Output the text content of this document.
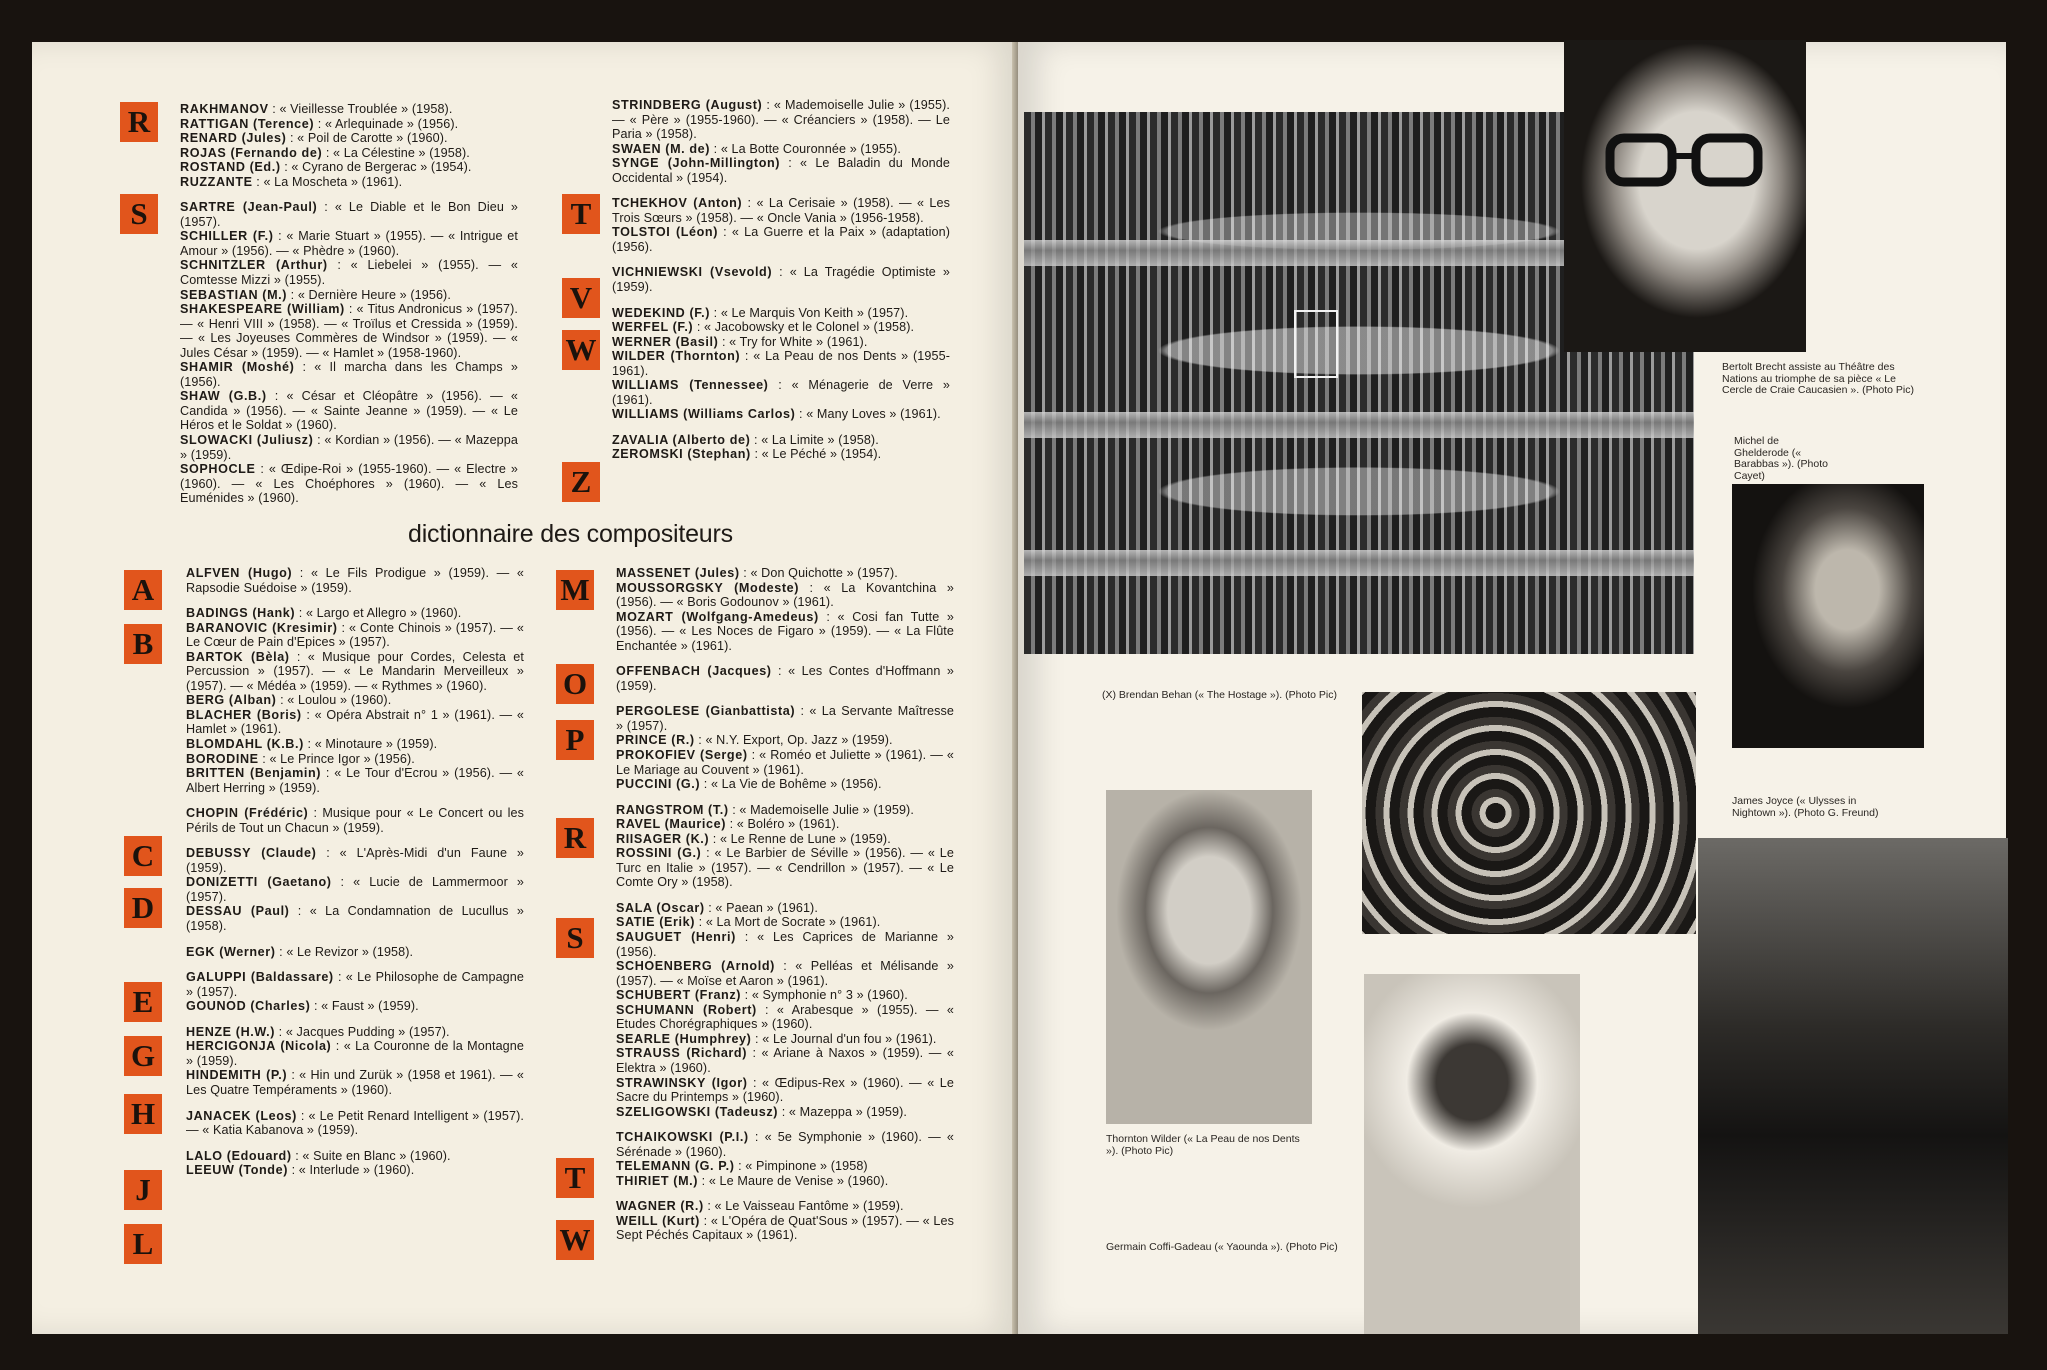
R
S	T
V
W
Z

RAKHMANOV : « Vieillesse Troublée » (1958).

RATTIGAN (Terence) : « Arlequinade » (1956).

RENARD (Jules) : « Poil de Carotte » (1960).

ROJAS (Fernando de) : « La Célestine » (1958).

ROSTAND (Ed.) : « Cyrano de Bergerac » (1954).

RUZZANTE : « La Moscheta » (1961).

SARTRE (Jean-Paul) : « Le Diable et le Bon Dieu » (1957).

SCHILLER (F.) : « Marie Stuart » (1955). — « Intrigue et Amour » (1956). — « Phèdre » (1960).

SCHNITZLER (Arthur) : « Liebelei » (1955). — « Comtesse Mizzi » (1955).

SEBASTIAN (M.) : « Dernière Heure » (1956).

SHAKESPEARE (William) : « Titus Andronicus » (1957). — « Henri VIII » (1958). — « Troïlus et Cressida » (1959). — « Les Joyeuses Commères de Windsor » (1959). — « Jules César » (1959). — « Hamlet » (1958-1960).

SHAMIR (Moshé) : « Il marcha dans les Champs » (1956).

SHAW (G.B.) : « César et Cléopâtre » (1956). — « Candida » (1956). — « Sainte Jeanne » (1959). — « Le Héros et le Soldat » (1960).

SLOWACKI (Juliusz) : « Kordian » (1956). — « Mazeppa » (1959).

SOPHOCLE : « Œdipe-Roi » (1955-1960). — « Electre » (1960). — « Les Choéphores » (1960). — « Les Euménides » (1960).

STRINDBERG (August) : « Mademoiselle Julie » (1955). — « Père » (1955-1960). — « Créanciers » (1958). — Le Paria » (1958).

SWAEN (M. de) : « La Botte Couronnée » (1955).

SYNGE (John-Millington) : « Le Baladin du Monde Occidental » (1954).

TCHEKHOV (Anton) : « La Cerisaie » (1958). — « Les Trois Sœurs » (1958). — « Oncle Vania » (1956-1958).

TOLSTOI (Léon) : « La Guerre et la Paix » (adaptation) (1956).

VICHNIEWSKI (Vsevold) : « La Tragédie Optimiste » (1959).

WEDEKIND (F.) : « Le Marquis Von Keith » (1957).

WERFEL (F.) : « Jacobowsky et le Colonel » (1958).

WERNER (Basil) : « Try for White » (1961).

WILDER (Thornton) : « La Peau de nos Dents » (1955-1961).

WILLIAMS (Tennessee) : « Ménagerie de Verre » (1961).

WILLIAMS (Williams Carlos) : « Many Loves » (1961).

ZAVALIA (Alberto de) : « La Limite » (1958).

ZEROMSKI (Stephan) : « Le Péché » (1954).

dictionnaire des compositeurs
A
B
C
D
E
G
H
J
L
M
O
P
R
S
T
W

ALFVEN (Hugo) : « Le Fils Prodigue » (1959). — « Rapsodie Suédoise » (1959).

BADINGS (Hank) : « Largo et Allegro » (1960).

BARANOVIC (Kresimir) : « Conte Chinois » (1957). — « Le Cœur de Pain d'Epices » (1957).

BARTOK (Bèla) : « Musique pour Cordes, Celesta et Percussion » (1957). — « Le Mandarin Merveilleux » (1957). — « Médéa » (1959). — « Rythmes » (1960).

BERG (Alban) : « Loulou » (1960).

BLACHER (Boris) : « Opéra Abstrait n° 1 » (1961). — « Hamlet » (1961).

BLOMDAHL (K.B.) : « Minotaure » (1959).

BORODINE : « Le Prince Igor » (1956).

BRITTEN (Benjamin) : « Le Tour d'Ecrou » (1956). — « Albert Herring » (1959).

CHOPIN (Frédéric) : Musique pour « Le Concert ou les Périls de Tout un Chacun » (1959).

DEBUSSY (Claude) : « L'Après-Midi d'un Faune » (1959).

DONIZETTI (Gaetano) : « Lucie de Lammermoor » (1957).

DESSAU (Paul) : « La Condamnation de Lucullus » (1958).

EGK (Werner) : « Le Revizor » (1958).

GALUPPI (Baldassare) : « Le Philosophe de Campagne » (1957).

GOUNOD (Charles) : « Faust » (1959).

HENZE (H.W.) : « Jacques Pudding » (1957).

HERCIGONJA (Nicola) : « La Couronne de la Montagne » (1959).

HINDEMITH (P.) : « Hin und Zurük » (1958 et 1961). — « Les Quatre Tempéraments » (1960).

JANACEK (Leos) : « Le Petit Renard Intelligent » (1957). — « Katia Kabanova » (1959).

LALO (Edouard) : « Suite en Blanc » (1960).

LEEUW (Tonde) : « Interlude » (1960).

MASSENET (Jules) : « Don Quichotte » (1957).

MOUSSORGSKY (Modeste) : « La Kovantchina » (1956). — « Boris Godounov » (1961).

MOZART (Wolfgang-Amedeus) : « Cosi fan Tutte » (1956). — « Les Noces de Figaro » (1959). — « La Flûte Enchantée » (1961).

OFFENBACH (Jacques) : « Les Contes d'Hoffmann » (1959).

PERGOLESE (Gianbattista) : « La Servante Maîtresse » (1957).

PRINCE (R.) : « N.Y. Export, Op. Jazz » (1959).

PROKOFIEV (Serge) : « Roméo et Juliette » (1961). — « Le Mariage au Couvent » (1961).

PUCCINI (G.) : « La Vie de Bohême » (1956).

RANGSTROM (T.) : « Mademoiselle Julie » (1959).

RAVEL (Maurice) : « Boléro » (1961).

RIISAGER (K.) : « Le Renne de Lune » (1959).

ROSSINI (G.) : « Le Barbier de Séville » (1956). — « Le Turc en Italie » (1957). — « Cendrillon » (1957). — « Le Comte Ory » (1958).

SALA (Oscar) : « Paean » (1961).

SATIE (Erik) : « La Mort de Socrate » (1961).

SAUGUET (Henri) : « Les Caprices de Marianne » (1956).

SCHOENBERG (Arnold) : « Pelléas et Mélisande » (1957). — « Moïse et Aaron » (1961).

SCHUBERT (Franz) : « Symphonie n° 3 » (1960).

SCHUMANN (Robert) : « Arabesque » (1955). — « Etudes Chorégraphiques » (1960).

SEARLE (Humphrey) : « Le Journal d'un fou » (1961).

STRAUSS (Richard) : « Ariane à Naxos » (1959). — « Elektra » (1960).

STRAWINSKY (Igor) : « Œdipus-Rex » (1960). — « Le Sacre du Printemps » (1960).

SZELIGOWSKI (Tadeusz) : « Mazeppa » (1959).

TCHAIKOWSKI (P.I.) : « 5e Symphonie » (1960). — « Sérénade » (1960).

TELEMANN (G. P.) : « Pimpinone » (1958)

THIRIET (M.) : « Le Maure de Venise » (1960).

WAGNER (R.) : « Le Vaisseau Fantôme » (1959).

WEILL (Kurt) : « L'Opéra de Quat'Sous » (1957). — « Les Sept Péchés Capitaux » (1961).

Bertolt Brecht assiste au Théâtre des Nations au triomphe de sa pièce « Le Cercle de Craie Caucasien ». (Photo Pic)
Michel de Ghelderode (« Barabbas »). (Photo Cayet)
James Joyce (« Ulysses in Nightown »). (Photo G. Freund)
(X) Brendan Behan (« The Hostage »). (Photo Pic)
Thornton Wilder (« La Peau de nos Dents »). (Photo Pic)
Germain Coffi-Gadeau (« Yaounda »). (Photo Pic)
